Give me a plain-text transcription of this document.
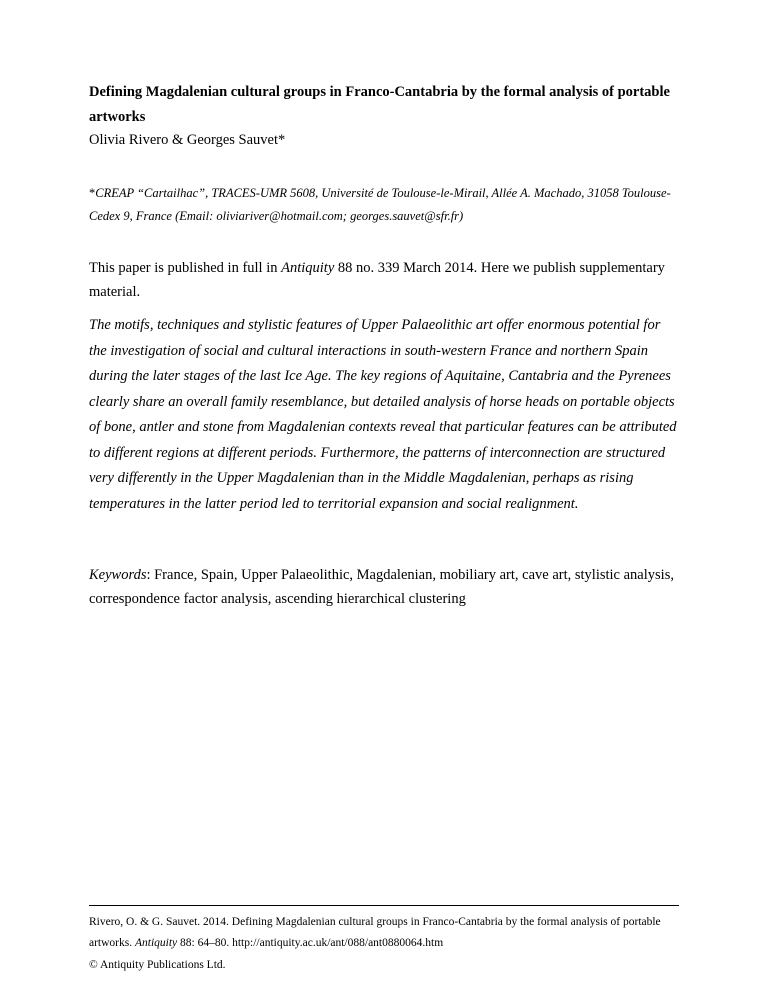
Defining Magdalenian cultural groups in Franco-Cantabria by the formal analysis of portable artworks
Olivia Rivero & Georges Sauvet*
*CREAP “Cartailhac”, TRACES-UMR 5608, Université de Toulouse-le-Mirail, Allée A. Machado, 31058 Toulouse-Cedex 9, France (Email: oliviariver@hotmail.com; georges.sauvet@sfr.fr)
This paper is published in full in Antiquity 88 no. 339 March 2014. Here we publish supplementary material.
The motifs, techniques and stylistic features of Upper Palaeolithic art offer enormous potential for the investigation of social and cultural interactions in south-western France and northern Spain during the later stages of the last Ice Age. The key regions of Aquitaine, Cantabria and the Pyrenees clearly share an overall family resemblance, but detailed analysis of horse heads on portable objects of bone, antler and stone from Magdalenian contexts reveal that particular features can be attributed to different regions at different periods. Furthermore, the patterns of interconnection are structured very differently in the Upper Magdalenian than in the Middle Magdalenian, perhaps as rising temperatures in the latter period led to territorial expansion and social realignment.
Keywords: France, Spain, Upper Palaeolithic, Magdalenian, mobiliary art, cave art, stylistic analysis, correspondence factor analysis, ascending hierarchical clustering
Rivero, O. & G. Sauvet. 2014. Defining Magdalenian cultural groups in Franco-Cantabria by the formal analysis of portable artworks. Antiquity 88: 64–80. http://antiquity.ac.uk/ant/088/ant0880064.htm
© Antiquity Publications Ltd.
